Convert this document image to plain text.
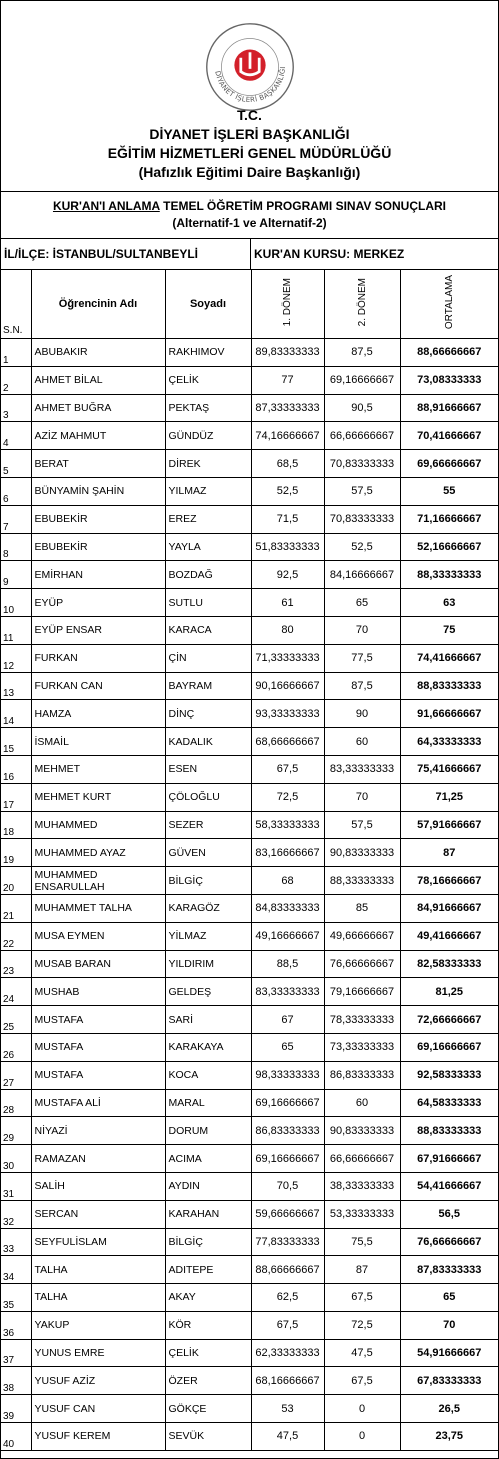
DİYANET İŞLERİ BAŞKANLIĞI
T.C.
DİYANET İŞLERİ BAŞKANLIĞI
EĞİTİM HİZMETLERİ GENEL MÜDÜRLÜĞÜ
(Hafızlık Eğitimi Daire Başkanlığı)
KUR'AN'I ANLAMA TEMEL ÖĞRETİM PROGRAMI SINAV SONUÇLARI
(Alternatif-1 ve Alternatif-2)
İL/İLÇE: İSTANBUL/SULTANBEYLİ	KUR'AN KURSU: MERKEZ
S.N.	Öğrencinin Adı	Soyadı	1. DÖNEM	2. DÖNEM	ORTALAMA
1	ABUBAKIR	RAKHIMOV	89,83333333	87,5	88,66666667
2	AHMET BİLAL	ÇELİK	77	69,16666667	73,08333333
3	AHMET BUĞRA	PEKTAŞ	87,33333333	90,5	88,91666667
4	AZİZ MAHMUT	GÜNDÜZ	74,16666667	66,66666667	70,41666667
5	BERAT	DİREK	68,5	70,83333333	69,66666667
6	BÜNYAMİN ŞAHİN	YILMAZ	52,5	57,5	55
7	EBUBEKİR	EREZ	71,5	70,83333333	71,16666667
8	EBUBEKİR	YAYLA	51,83333333	52,5	52,16666667
9	EMİRHAN	BOZDAĞ	92,5	84,16666667	88,33333333
10	EYÜP	SUTLU	61	65	63
11	EYÜP ENSAR	KARACA	80	70	75
12	FURKAN	ÇİN	71,33333333	77,5	74,41666667
13	FURKAN CAN	BAYRAM	90,16666667	87,5	88,83333333
14	HAMZA	DİNÇ	93,33333333	90	91,66666667
15	İSMAİL	KADALIK	68,66666667	60	64,33333333
16	MEHMET	ESEN	67,5	83,33333333	75,41666667
17	MEHMET KURT	ÇÖLOĞLU	72,5	70	71,25
18	MUHAMMED	SEZER	58,33333333	57,5	57,91666667
19	MUHAMMED AYAZ	GÜVEN	83,16666667	90,83333333	87
20	MUHAMMED ENSARULLAH	BİLGİÇ	68	88,33333333	78,16666667
21	MUHAMMET TALHA	KARAGÖZ	84,83333333	85	84,91666667
22	MUSA EYMEN	YİLMAZ	49,16666667	49,66666667	49,41666667
23	MUSAB BARAN	YILDIRIM	88,5	76,66666667	82,58333333
24	MUSHAB	GELDEŞ	83,33333333	79,16666667	81,25
25	MUSTAFA	SARİ	67	78,33333333	72,66666667
26	MUSTAFA	KARAKAYA	65	73,33333333	69,16666667
27	MUSTAFA	KOCA	98,33333333	86,83333333	92,58333333
28	MUSTAFA ALİ	MARAL	69,16666667	60	64,58333333
29	NİYAZİ	DORUM	86,83333333	90,83333333	88,83333333
30	RAMAZAN	ACIMA	69,16666667	66,66666667	67,91666667
31	SALİH	AYDIN	70,5	38,33333333	54,41666667
32	SERCAN	KARAHAN	59,66666667	53,33333333	56,5
33	SEYFULİSLAM	BİLGİÇ	77,83333333	75,5	76,66666667
34	TALHA	ADITEPE	88,66666667	87	87,83333333
35	TALHA	AKAY	62,5	67,5	65
36	YAKUP	KÖR	67,5	72,5	70
37	YUNUS EMRE	ÇELİK	62,33333333	47,5	54,91666667
38	YUSUF AZİZ	ÖZER	68,16666667	67,5	67,83333333
39	YUSUF CAN	GÖKÇE	53	0	26,5
40	YUSUF KEREM	SEVÜK	47,5	0	23,75
